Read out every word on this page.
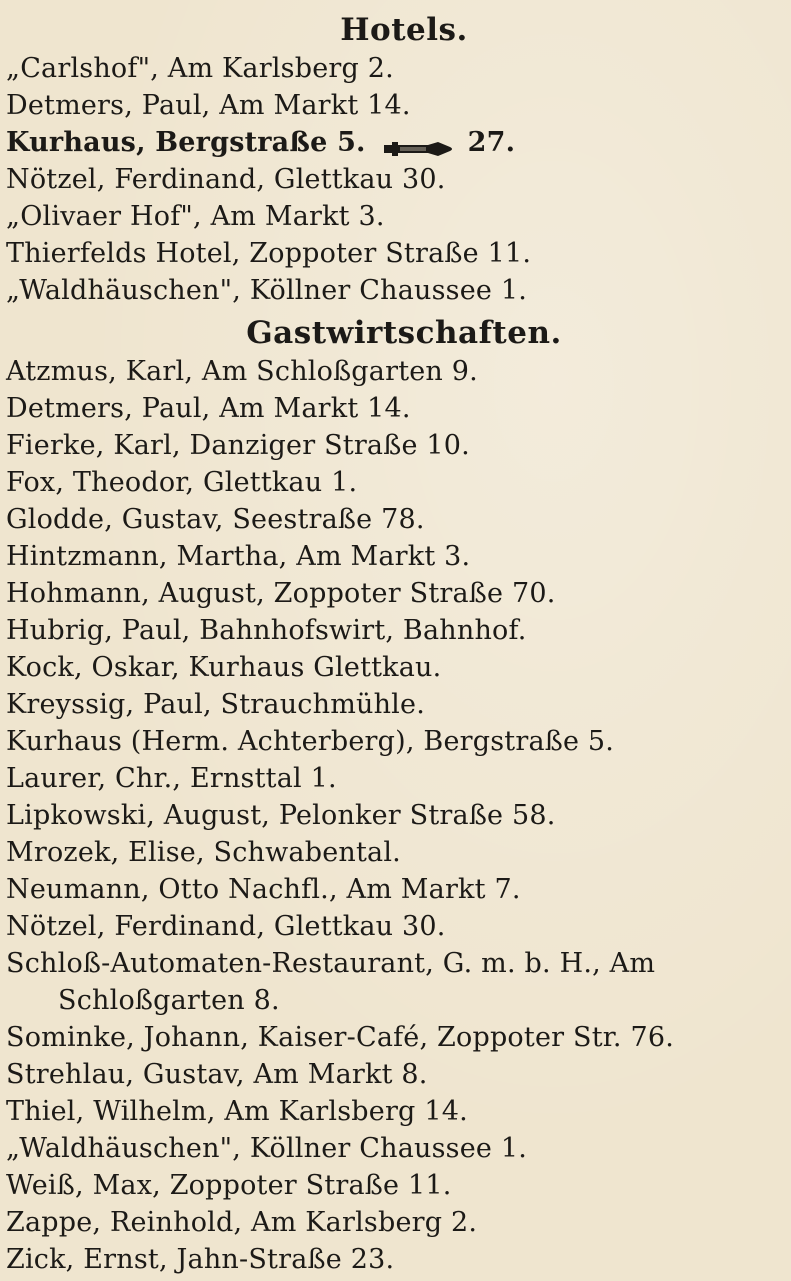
Hotels.
„Carlshof", Am Karlsberg 2.
Detmers, Paul, Am Markt 14.
Kurhaus, Bergstraße 5.	27.
Nötzel, Ferdinand, Glettkau 30.
„Olivaer Hof", Am Markt 3.
Thierfelds Hotel, Zoppoter Straße 11.
„Waldhäuschen", Köllner Chaussee 1.
Gastwirtschaften.
Atzmus, Karl, Am Schloßgarten 9.
Detmers, Paul, Am Markt 14.
Fierke, Karl, Danziger Straße 10.
Fox, Theodor, Glettkau 1.
Glodde, Gustav, Seestraße 78.
Hintzmann, Martha, Am Markt 3.
Hohmann, August, Zoppoter Straße 70.
Hubrig, Paul, Bahnhofswirt, Bahnhof.
Kock, Oskar, Kurhaus Glettkau.
Kreyssig, Paul, Strauchmühle.
Kurhaus (Herm. Achterberg), Bergstraße 5.
Laurer, Chr., Ernsttal 1.
Lipkowski, August, Pelonker Straße 58.
Mrozek, Elise, Schwabental.
Neumann, Otto Nachfl., Am Markt 7.
Nötzel, Ferdinand, Glettkau 30.
Schloß-Automaten-Restaurant, G. m. b. H., Am
Schloßgarten 8.
Sominke, Johann, Kaiser-Café, Zoppoter Str. 76.
Strehlau, Gustav, Am Markt 8.
Thiel, Wilhelm, Am Karlsberg 14.
„Waldhäuschen", Köllner Chaussee 1.
Weiß, Max, Zoppoter Straße 11.
Zappe, Reinhold, Am Karlsberg 2.
Zick, Ernst, Jahn-Straße 23.
